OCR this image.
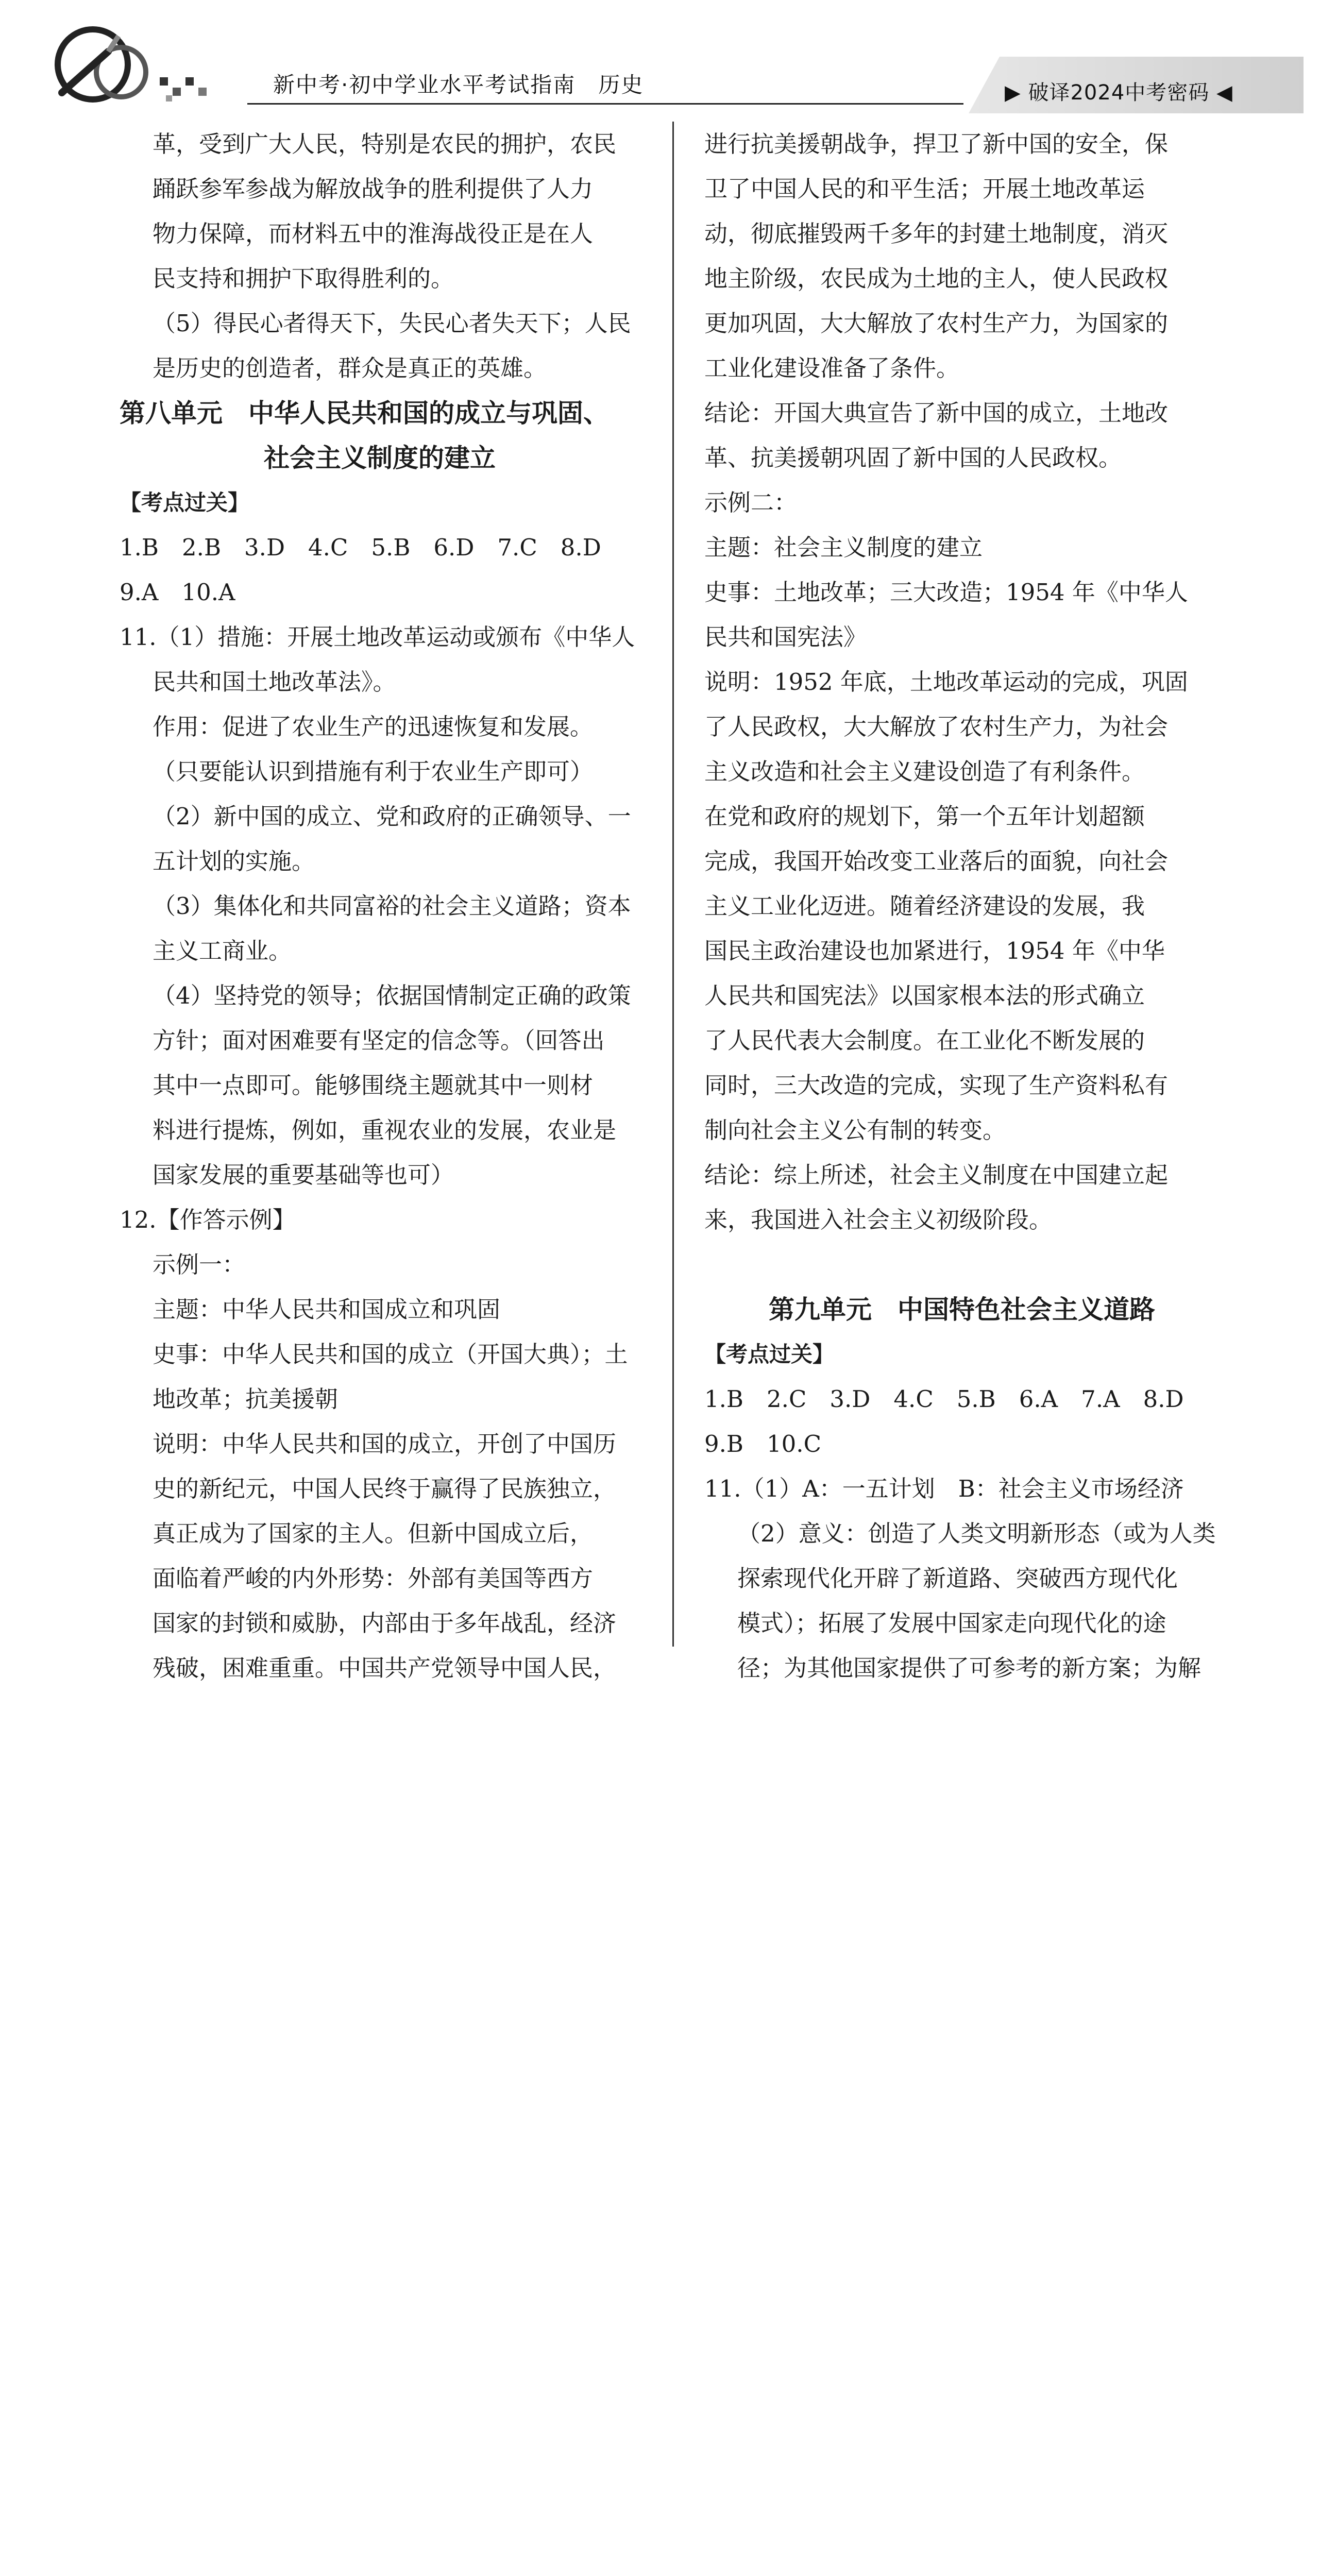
新中考·初中学业水平考试指南　历史	▶ 破译2024中考密码 ◀
革，受到广大人民，特别是农民的拥护，农民
踊跃参军参战为解放战争的胜利提供了人力
物力保障，而材料五中的淮海战役正是在人
民支持和拥护下取得胜利的。
（5）得民心者得天下，失民心者失天下；人民
是历史的创造者，群众是真正的英雄。
第八单元　中华人民共和国的成立与巩固、
社会主义制度的建立
【考点过关】
1.B　2.B　3.D　4.C　5.B　6.D　7.C　8.D
9.A　10.A
11.（1）措施：开展土地改革运动或颁布《中华人
民共和国土地改革法》。
作用：促进了农业生产的迅速恢复和发展。
（只要能认识到措施有利于农业生产即可）
（2）新中国的成立、党和政府的正确领导、一
五计划的实施。
（3）集体化和共同富裕的社会主义道路；资本
主义工商业。
（4）坚持党的领导；依据国情制定正确的政策
方针；面对困难要有坚定的信念等。（回答出
其中一点即可。能够围绕主题就其中一则材
料进行提炼，例如，重视农业的发展，农业是
国家发展的重要基础等也可）
12.【作答示例】
示例一：
主题：中华人民共和国成立和巩固
史事：中华人民共和国的成立（开国大典）；土
地改革；抗美援朝
说明：中华人民共和国的成立，开创了中国历
史的新纪元，中国人民终于赢得了民族独立，
真正成为了国家的主人。但新中国成立后，
面临着严峻的内外形势：外部有美国等西方
国家的封锁和威胁，内部由于多年战乱，经济
残破，困难重重。中国共产党领导中国人民，
进行抗美援朝战争，捍卫了新中国的安全，保
卫了中国人民的和平生活；开展土地改革运
动，彻底摧毁两千多年的封建土地制度，消灭
地主阶级，农民成为土地的主人，使人民政权
更加巩固，大大解放了农村生产力，为国家的
工业化建设准备了条件。
结论：开国大典宣告了新中国的成立，土地改
革、抗美援朝巩固了新中国的人民政权。
示例二：
主题：社会主义制度的建立
史事：土地改革；三大改造；1954 年《中华人
民共和国宪法》
说明：1952 年底，土地改革运动的完成，巩固
了人民政权，大大解放了农村生产力，为社会
主义改造和社会主义建设创造了有利条件。
在党和政府的规划下，第一个五年计划超额
完成，我国开始改变工业落后的面貌，向社会
主义工业化迈进。随着经济建设的发展，我
国民主政治建设也加紧进行，1954 年《中华
人民共和国宪法》以国家根本法的形式确立
了人民代表大会制度。在工业化不断发展的
同时，三大改造的完成，实现了生产资料私有
制向社会主义公有制的转变。
结论：综上所述，社会主义制度在中国建立起
来，我国进入社会主义初级阶段。
第九单元　中国特色社会主义道路
【考点过关】
1.B　2.C　3.D　4.C　5.B　6.A　7.A　8.D
9.B　10.C
11.（1）A：一五计划　B：社会主义市场经济
（2）意义：创造了人类文明新形态（或为人类
探索现代化开辟了新道路、突破西方现代化
模式）；拓展了发展中国家走向现代化的途
径；为其他国家提供了可参考的新方案；为解
